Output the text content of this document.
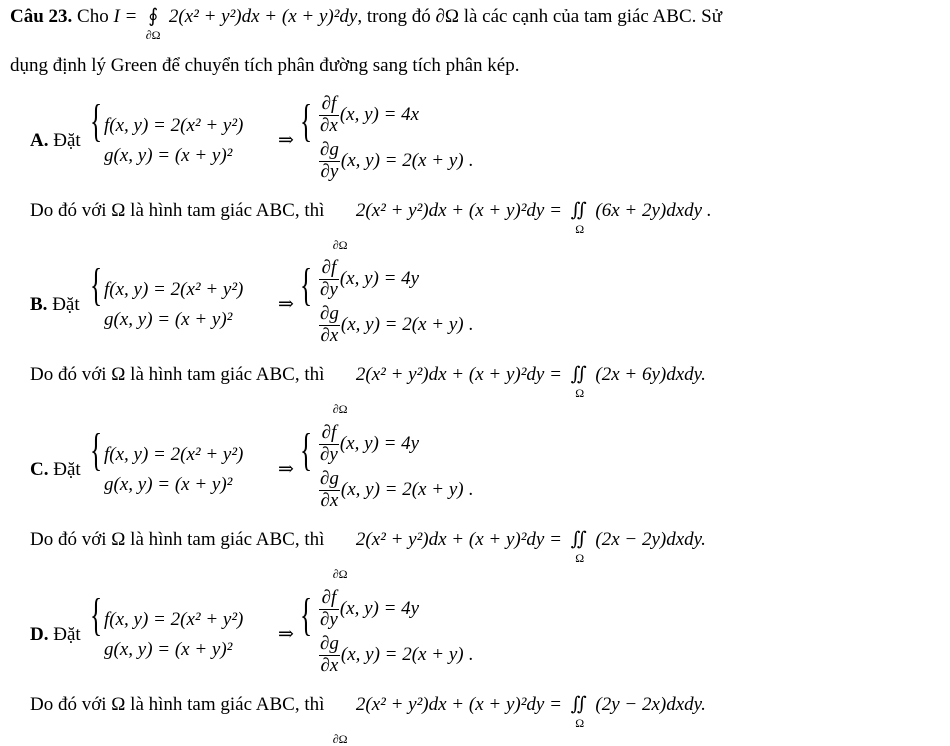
Câu 23. Cho I = ∮
∂Ω
2(x² + y²)dx + (x + y)²dy, trong đó ∂Ω là các cạnh của tam giác ABC. Sử
dụng định lý Green để chuyển tích phân đường sang tích phân kép.
A. Đặt { f(x, y) = 2(x² + y²)
g(x, y) = (x + y)²
⇒ { $\frac{\partial f}{\partial x} (x$, y) = 4x
$\frac{\partial g}{\partial y} (x$, y) = 2(x + y) .
Do đó với Ω là hình tam giác ABC, thì
∂Ω
2(x² + y²)dx + (x + y)²dy = ∬
Ω
(6x + 2y)dxdy .
B. Đặt { f(x, y) = 2(x² + y²)
g(x, y) = (x + y)²
⇒ { $\frac{\partial f}{\partial y} (x$, y) = 4y
$\frac{\partial g}{\partial x} (x$, y) = 2(x + y) .
Do đó với Ω là hình tam giác ABC, thì
∂Ω
2(x² + y²)dx + (x + y)²dy = ∬
Ω
(2x + 6y)dxdy.
C. Đặt { f(x, y) = 2(x² + y²)
g(x, y) = (x + y)²
⇒ { $\frac{\partial f}{\partial y} (x$, y) = 4y
$\frac{\partial g}{\partial x} (x$, y) = 2(x + y) .
Do đó với Ω là hình tam giác ABC, thì
∂Ω
2(x² + y²)dx + (x + y)²dy = ∬
Ω
(2x − 2y)dxdy.
D. Đặt { f(x, y) = 2(x² + y²)
g(x, y) = (x + y)²
⇒ { $\frac{\partial f}{\partial y} (x$, y) = 4y
$\frac{\partial g}{\partial x} (x$, y) = 2(x + y) .
Do đó với Ω là hình tam giác ABC, thì
∂Ω
2(x² + y²)dx + (x + y)²dy = ∬
Ω
(2y − 2x)dxdy.
